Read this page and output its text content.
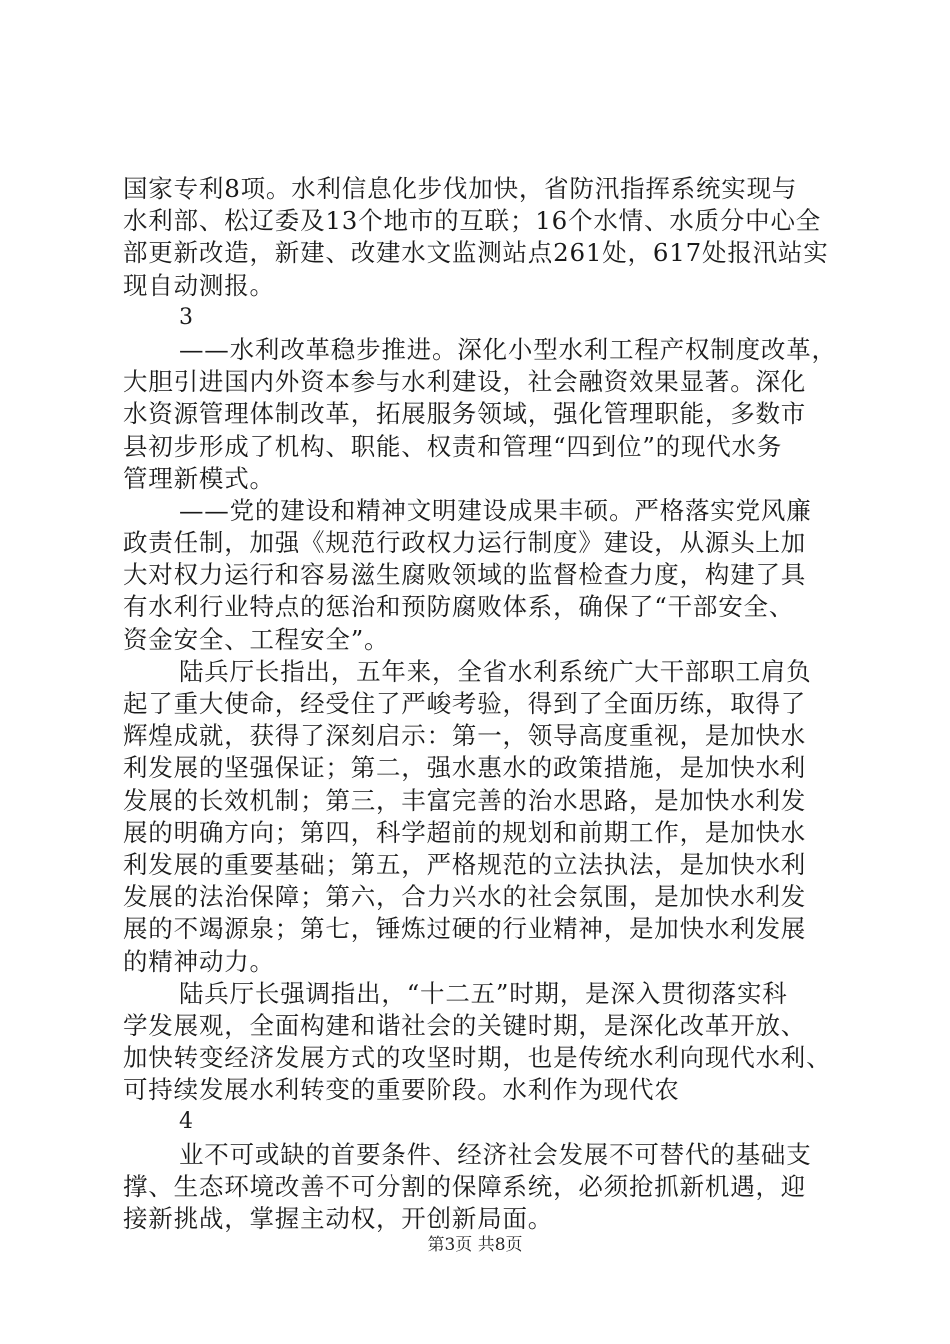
国家专利8项。水利信息化步伐加快，省防汛指挥系统实现与
水利部、松辽委及13个地市的互联；16个水情、水质分中心全
部更新改造，新建、改建水文监测站点261处，617处报汛站实
现自动测报。
3
——水利改革稳步推进。深化小型水利工程产权制度改革，
大胆引进国内外资本参与水利建设，社会融资效果显著。深化
水资源管理体制改革，拓展服务领域，强化管理职能，多数市
县初步形成了机构、职能、权责和管理“四到位”的现代水务
管理新模式。
——党的建设和精神文明建设成果丰硕。严格落实党风廉
政责任制，加强《规范行政权力运行制度》建设，从源头上加
大对权力运行和容易滋生腐败领域的监督检查力度，构建了具
有水利行业特点的惩治和预防腐败体系，确保了“干部安全、
资金安全、工程安全”。
陆兵厅长指出，五年来，全省水利系统广大干部职工肩负
起了重大使命，经受住了严峻考验，得到了全面历练，取得了
辉煌成就，获得了深刻启示：第一，领导高度重视，是加快水
利发展的坚强保证；第二，强水惠水的政策措施，是加快水利
发展的长效机制；第三，丰富完善的治水思路，是加快水利发
展的明确方向；第四，科学超前的规划和前期工作，是加快水
利发展的重要基础；第五，严格规范的立法执法，是加快水利
发展的法治保障；第六，合力兴水的社会氛围，是加快水利发
展的不竭源泉；第七，锤炼过硬的行业精神，是加快水利发展
的精神动力。
陆兵厅长强调指出，“十二五”时期，是深入贯彻落实科
学发展观，全面构建和谐社会的关键时期，是深化改革开放、
加快转变经济发展方式的攻坚时期，也是传统水利向现代水利、
可持续发展水利转变的重要阶段。水利作为现代农
4
业不可或缺的首要条件、经济社会发展不可替代的基础支
撑、生态环境改善不可分割的保障系统，必须抢抓新机遇，迎
接新挑战，掌握主动权，开创新局面。
第3页 共8页
